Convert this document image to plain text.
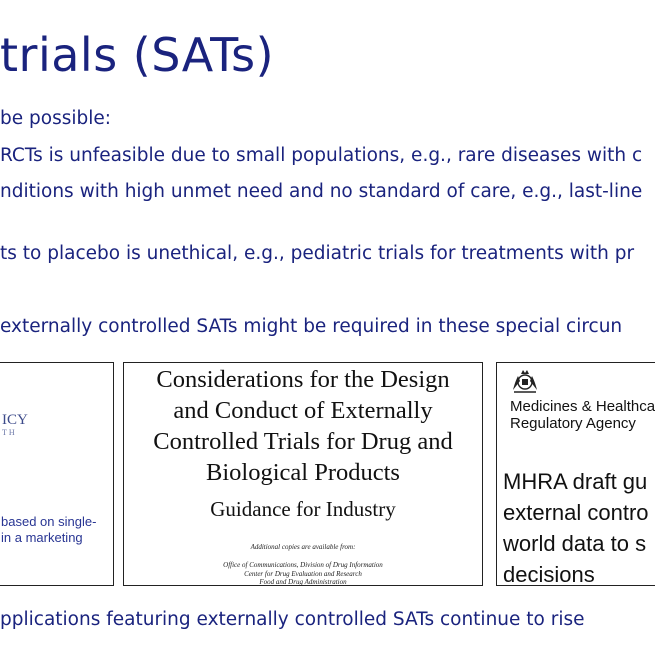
trials (SATs)
be possible:
RCTs is unfeasible due to small populations, e.g., rare diseases with c
nditions with high unmet need and no standard of care, e.g., last-line
ts to placebo is unethical, e.g., pediatric trials for treatments with pr
externally controlled SATs might be required in these special circun
ICY
TH
based on single-
in a marketing
Considerations for the Design
and Conduct of Externally
Controlled Trials for Drug and
Biological Products
Guidance for Industry
Additional copies are available from:
Office of Communications, Division of Drug Information
Center for Drug Evaluation and Research
Food and Drug Administration
Medicines & Healthca
Regulatory Agency
MHRA draft gu
external contro
world data to s
decisions
pplications featuring externally controlled SATs continue to rise
